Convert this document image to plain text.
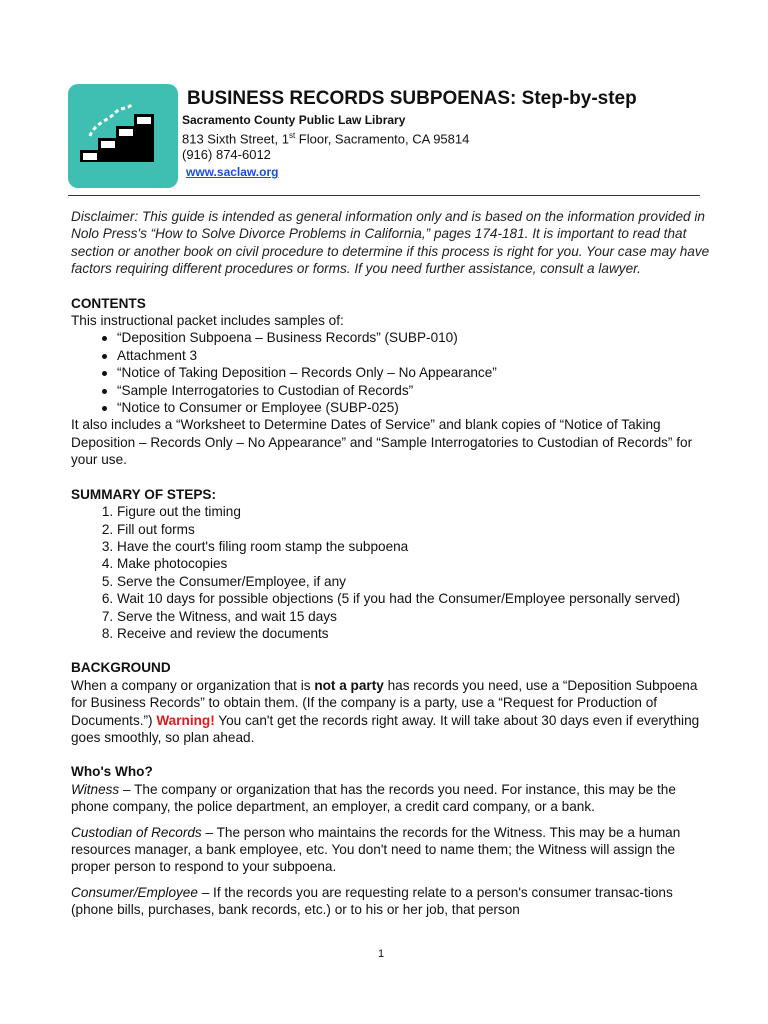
BUSINESS RECORDS SUBPOENAS: Step-by-step
Sacramento County Public Law Library
813 Sixth Street, 1st Floor, Sacramento, CA 95814
(916) 874-6012
www.saclaw.org

Disclaimer: This guide is intended as general information only and is based on the information provided in Nolo Press's “How to Solve Divorce Problems in California,” pages 174-181. It is important to read that section or another book on civil procedure to determine if this process is right for you. Your case may have factors requiring different procedures or forms. If you need further assistance, consult a lawyer.

CONTENTS

This instructional packet includes samples of:

“Deposition Subpoena – Business Records” (SUBP-010)
Attachment 3
“Notice of Taking Deposition – Records Only – No Appearance”
“Sample Interrogatories to Custodian of Records”
“Notice to Consumer or Employee (SUBP-025)

It also includes a “Worksheet to Determine Dates of Service” and blank copies of “Notice of Taking Deposition – Records Only – No Appearance” and “Sample Interrogatories to Custodian of Records” for your use.

SUMMARY OF STEPS:

1. Figure out the timing
2. Fill out forms
3. Have the court's filing room stamp the subpoena
4. Make photocopies
5. Serve the Consumer/Employee, if any
6. Wait 10 days for possible objections (5 if you had the Consumer/Employee personally served)
7. Serve the Witness, and wait 15 days
8. Receive and review the documents

BACKGROUND

When a company or organization that is not a party has records you need, use a “Deposition Subpoena for Business Records” to obtain them. (If the company is a party, use a “Request for Production of Documents.”) Warning! You can't get the records right away. It will take about 30 days even if everything goes smoothly, so plan ahead.

Who's Who?

Witness – The company or organization that has the records you need. For instance, this may be the phone company, the police department, an employer, a credit card company, or a bank.

Custodian of Records – The person who maintains the records for the Witness. This may be a human resources manager, a bank employee, etc. You don't need to name them; the Witness will assign the proper person to respond to your subpoena.

Consumer/Employee – If the records you are requesting relate to a person's consumer transac-tions (phone bills, purchases, bank records, etc.) or to his or her job, that person

1
